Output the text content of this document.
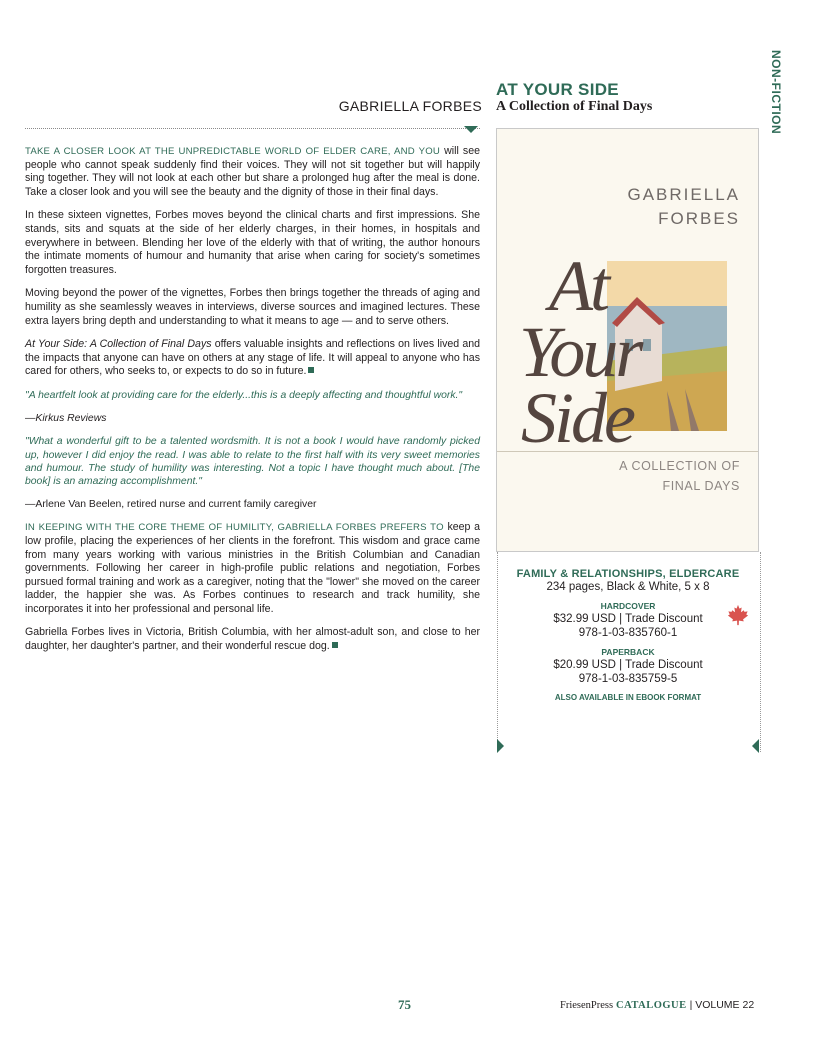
NON-FICTION
GABRIELLA FORBES
AT YOUR SIDE
A Collection of Final Days

TAKE A CLOSER LOOK AT THE UNPREDICTABLE WORLD OF ELDER CARE, AND YOU will see people who cannot speak suddenly find their voices. They will not sit together but will happily sing together. They will not look at each other but share a prolonged hug after the meal is done. Take a closer look and you will see the beauty and the dignity of those in their final days.

In these sixteen vignettes, Forbes moves beyond the clinical charts and first impressions. She stands, sits and squats at the side of her elderly charges, in their homes, in hospitals and everywhere in between. Blending her love of the elderly with that of writing, the author honours the intimate moments of humour and humanity that arise when caring for society's sometimes forgotten treasures.

Moving beyond the power of the vignettes, Forbes then brings together the threads of aging and humility as she seamlessly weaves in interviews, diverse sources and imagined lectures. These extra layers bring depth and understanding to what it means to age — and to serve others.

At Your Side: A Collection of Final Days offers valuable insights and reflections on lives lived and the impacts that anyone can have on others at any stage of life. It will appeal to anyone who has cared for others, who seeks to, or expects to do so in future.

"A heartfelt look at providing care for the elderly...this is a deeply affecting and thoughtful work."

—Kirkus Reviews

"What a wonderful gift to be a talented wordsmith. It is not a book I would have randomly picked up, however I did enjoy the read. I was able to relate to the first half with its very sweet memories and humour. The study of humility was interesting. Not a topic I have thought much about. [The book] is an amazing accomplishment."

—Arlene Van Beelen, retired nurse and current family caregiver

IN KEEPING WITH THE CORE THEME OF HUMILITY, GABRIELLA FORBES PREFERS TO keep a low profile, placing the experiences of her clients in the forefront. This wisdom and grace came from many years working with various ministries in the British Columbian and Canadian governments. Following her career in high-profile public relations and negotiation, Forbes pursued formal training and work as a caregiver, noting that the "lower" she moved on the career ladder, the happier she was. As Forbes continues to research and track humility, she incorporates it into her professional and personal life.

Gabriella Forbes lives in Victoria, British Columbia, with her almost-adult son, and close to her daughter, her daughter's partner, and their wonderful rescue dog.

GABRIELLA
FORBES
At
Your
Side
A COLLECTION OF
FINAL DAYS
FAMILY & RELATIONSHIPS, ELDERCARE
234 pages, Black & White, 5 x 8
HARDCOVER
$32.99 USD | Trade Discount
978-1-03-835760-1
PAPERBACK
$20.99 USD | Trade Discount
978-1-03-835759-5
ALSO AVAILABLE IN EBOOK FORMAT
75	FriesenPress CATALOGUE | VOLUME 22
